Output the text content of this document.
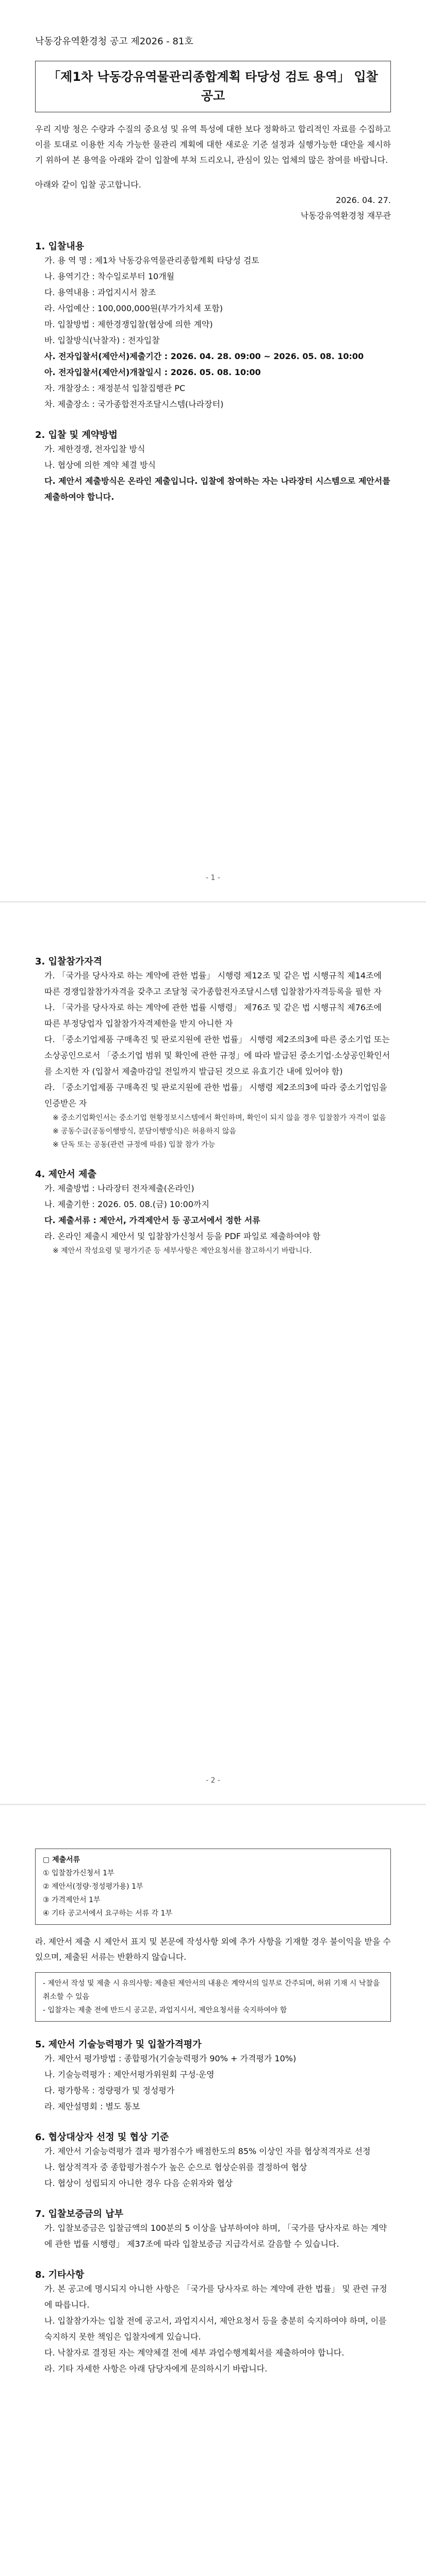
낙동강유역환경청 공고 제2026 - 81호
「제1차 낙동강유역물관리종합계획 타당성 검토 용역」 입찰 공고
우리 지방 청은 수량과 수질의 중요성 및 유역 특성에 대한 보다 정확하고 합리적인 자료를 수집하고 이를 토대로 이용한 지속 가능한 물관리 계획에 대한 새로운 기준 설정과 실행가능한 대안을 제시하기 위하여 본 용역을 아래와 같이 입찰에 부쳐 드리오니, 관심이 있는 업체의 많은 참여를 바랍니다.
아래와 같이 입찰 공고합니다.
2026. 04. 27.
낙동강유역환경청 재무관
1. 입찰내용
가. 용 역 명 : 제1차 낙동강유역물관리종합계획 타당성 검토
나. 용역기간 : 착수일로부터 10개월
다. 용역내용 : 과업지시서 참조
라. 사업예산 : 100,000,000원(부가가치세 포함)
마. 입찰방법 : 제한경쟁입찰(협상에 의한 계약)
바. 입찰방식(낙찰자) : 전자입찰
사. 전자입찰서(제안서)제출기간 : 2026. 04. 28. 09:00 ~ 2026. 05. 08. 10:00
아. 전자입찰서(제안서)개찰일시 : 2026. 05. 08. 10:00
자. 개찰장소 : 재정분석 입찰집행관 PC
차. 제출장소 : 국가종합전자조달시스템(나라장터)
2. 입찰 및 계약방법
가. 제한경쟁, 전자입찰 방식
나. 협상에 의한 계약 체결 방식
다. 제안서 제출방식은 온라인 제출입니다. 입찰에 참여하는 자는 나라장터 시스템으로 제안서를 제출하여야 합니다.
- 1 -
3. 입찰참가자격
가. 「국가를 당사자로 하는 계약에 관한 법률」 시행령 제12조 및 같은 법 시행규칙 제14조에 따른 경쟁입찰참가자격을 갖추고 조달청 국가종합전자조달시스템 입찰참가자격등록을 필한 자
나. 「국가를 당사자로 하는 계약에 관한 법률 시행령」 제76조 및 같은 법 시행규칙 제76조에 따른 부정당업자 입찰참가자격제한을 받지 아니한 자
다. 「중소기업제품 구매촉진 및 판로지원에 관한 법률」 시행령 제2조의3에 따른 중소기업 또는 소상공인으로서 「중소기업 범위 및 확인에 관한 규정」에 따라 발급된 중소기업·소상공인확인서를 소지한 자 (입찰서 제출마감일 전일까지 발급된 것으로 유효기간 내에 있어야 함)
라. 「중소기업제품 구매촉진 및 판로지원에 관한 법률」 시행령 제2조의3에 따라 중소기업임을 인증받은 자
※ 중소기업확인서는 중소기업 현황정보시스템에서 확인하며, 확인이 되지 않을 경우 입찰참가 자격이 없음
※ 공동수급(공동이행방식, 분담이행방식)은 허용하지 않음
※ 단독 또는 공동(관련 규정에 따름) 입찰 참가 가능
4. 제안서 제출
가. 제출방법 : 나라장터 전자제출(온라인)
나. 제출기한 : 2026. 05. 08.(금) 10:00까지
다. 제출서류 : 제안서, 가격제안서 등 공고서에서 정한 서류
라. 온라인 제출시 제안서 및 입찰참가신청서 등을 PDF 파일로 제출하여야 함
※ 제안서 작성요령 및 평가기준 등 세부사항은 제안요청서를 참고하시기 바랍니다.
- 2 -
▢ 제출서류
① 입찰참가신청서 1부
② 제안서(정량·정성평가용) 1부
③ 가격제안서 1부
④ 기타 공고서에서 요구하는 서류 각 1부
라. 제안서 제출 시 제안서 표지 및 본문에 작성사항 외에 추가 사항을 기재할 경우 불이익을 받을 수 있으며, 제출된 서류는 반환하지 않습니다.
- 제안서 작성 및 제출 시 유의사항: 제출된 제안서의 내용은 계약서의 일부로 간주되며, 허위 기재 시 낙찰을 취소할 수 있음
- 입찰자는 제출 전에 반드시 공고문, 과업지시서, 제안요청서를 숙지하여야 함
5. 제안서 기술능력평가 및 입찰가격평가
가. 제안서 평가방법 : 종합평가(기술능력평가 90% + 가격평가 10%)
나. 기술능력평가 : 제안서평가위원회 구성·운영
다. 평가항목 : 정량평가 및 정성평가
라. 제안설명회 : 별도 통보
6. 협상대상자 선정 및 협상 기준
가. 제안서 기술능력평가 결과 평가점수가 배점한도의 85% 이상인 자를 협상적격자로 선정
나. 협상적격자 중 종합평가점수가 높은 순으로 협상순위를 결정하여 협상
다. 협상이 성립되지 아니한 경우 다음 순위자와 협상
7. 입찰보증금의 납부
가. 입찰보증금은 입찰금액의 100분의 5 이상을 납부하여야 하며, 「국가를 당사자로 하는 계약에 관한 법률 시행령」 제37조에 따라 입찰보증금 지급각서로 갈음할 수 있습니다.
8. 기타사항
가. 본 공고에 명시되지 아니한 사항은 「국가를 당사자로 하는 계약에 관한 법률」 및 관련 규정에 따릅니다.
나. 입찰참가자는 입찰 전에 공고서, 과업지시서, 제안요청서 등을 충분히 숙지하여야 하며, 이를 숙지하지 못한 책임은 입찰자에게 있습니다.
다. 낙찰자로 결정된 자는 계약체결 전에 세부 과업수행계획서를 제출하여야 합니다.
라. 기타 자세한 사항은 아래 담당자에게 문의하시기 바랍니다.
